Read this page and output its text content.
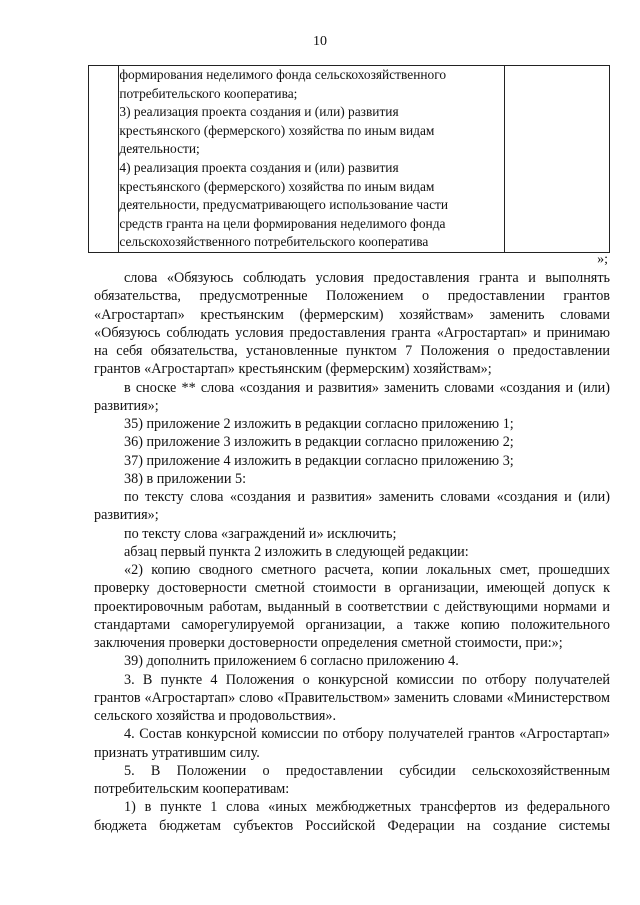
10

формирования неделимого фонда сельскохозяйственного
потребительского кооператива;
3) реализация проекта создания и (или) развития
крестьянского (фермерского) хозяйства по иным видам
деятельности;
4) реализация проекта создания и (или) развития
крестьянского (фермерского) хозяйства по иным видам
деятельности, предусматривающего использование части
средств гранта на цели формирования неделимого фонда
сельскохозяйственного потребительского кооператива

»;

слова «Обязуюсь соблюдать условия предоставления гранта и выполнять обязательства, предусмотренные Положением о предоставлении грантов «Агростартап» крестьянским (фермерским) хозяйствам» заменить словами «Обязуюсь соблюдать условия предоставления гранта «Агростартап» и принимаю на себя обязательства, установленные пунктом 7 Положения о предоставлении грантов «Агростартап» крестьянским (фермерским) хозяйствам»;

в сноске ** слова «создания и развития» заменить словами «создания и (или) развития»;

35) приложение 2 изложить в редакции согласно приложению 1;

36) приложение 3 изложить в редакции согласно приложению 2;

37) приложение 4 изложить в редакции согласно приложению 3;

38) в приложении 5:

по тексту слова «создания и развития» заменить словами «создания и (или) развития»;

по тексту слова «заграждений и» исключить;

абзац первый пункта 2 изложить в следующей редакции:

«2) копию сводного сметного расчета, копии локальных смет, прошедших проверку достоверности сметной стоимости в организации, имеющей допуск к проектировочным работам, выданный в соответствии с действующими нормами и стандартами саморегулируемой организации, а также копию положительного заключения проверки достоверности определения сметной стоимости, при:»;

39) дополнить приложением 6 согласно приложению 4.

3. В пункте 4 Положения о конкурсной комиссии по отбору получателей грантов «Агростартап» слово «Правительством» заменить словами «Министерством сельского хозяйства и продовольствия».

4. Состав конкурсной комиссии по отбору получателей грантов «Агростартап» признать утратившим силу.

5. В Положении о предоставлении субсидии сельскохозяйственным потребительским кооперативам:

1) в пункте 1 слова «иных межбюджетных трансфертов из федерального бюджета бюджетам субъектов Российской Федерации на создание системы
